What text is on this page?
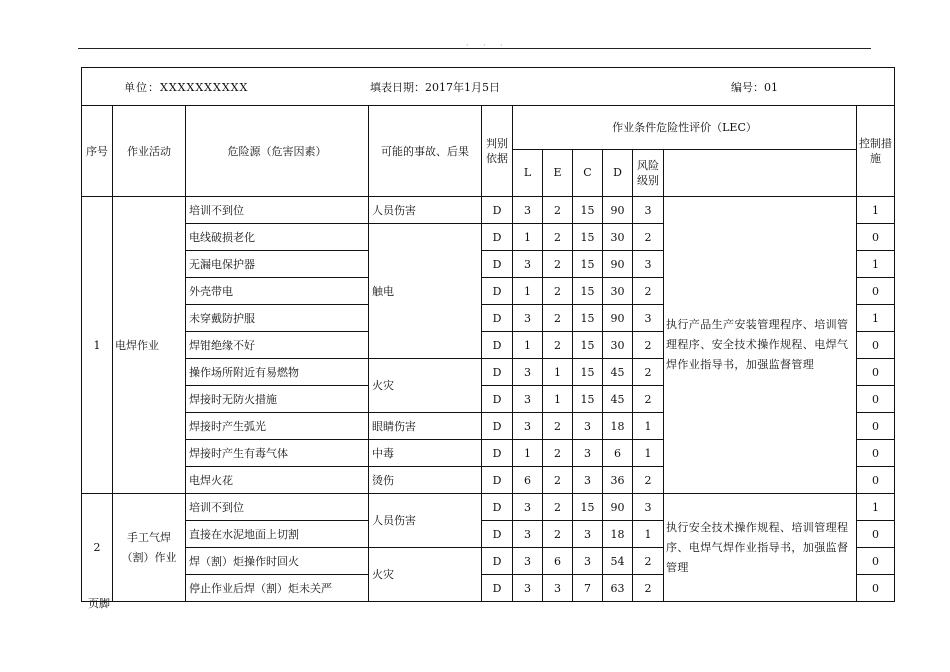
· · ·
单位：XXXXXXXXXX 填表日期：2017年1月5日 编号：01												

序号	作业活动	危险源（危害因素）	可能的事故、后果	判别依据	作业条件危险性评价（LEC）						控制措施	
					L	E	C	D	风险级别			
1	电焊作业	培训不到位	人员伤害	D	3	2	15	90	3	执行产品生产安装管理程序、培训管理程序、安全技术操作规程、电焊气焊作业指导书，加强监督管理	1	
		电线破损老化	触电	D	1	2	15	30	2		0	
		无漏电保护器		D	3	2	15	90	3		1	
		外壳带电		D	1	2	15	30	2		0	
		未穿戴防护服		D	3	2	15	90	3		1	
		焊钳绝缘不好		D	1	2	15	30	2		0	
		操作场所附近有易燃物	火灾	D	3	1	15	45	2		0	
		焊接时无防火措施		D	3	1	15	45	2		0	
		焊接时产生弧光	眼睛伤害	D	3	2	3	18	1		0	
		焊接时产生有毒气体	中毒	D	1	2	3	6	1		0	
		电焊火花	烫伤	D	6	2	3	36	2		0	
2	手工气焊（割）作业	培训不到位	人员伤害	D	3	2	15	90	3	执行安全技术操作规程、培训管理程序、电焊气焊作业指导书，加强监督管理	1	
		直接在水泥地面上切割		D	3	2	3	18	1		0	
		焊（割）炬操作时回火	火灾	D	3	6	3	54	2		0	
		停止作业后焊（割）炬未关严		D	3	3	7	63	2		0	
页脚
